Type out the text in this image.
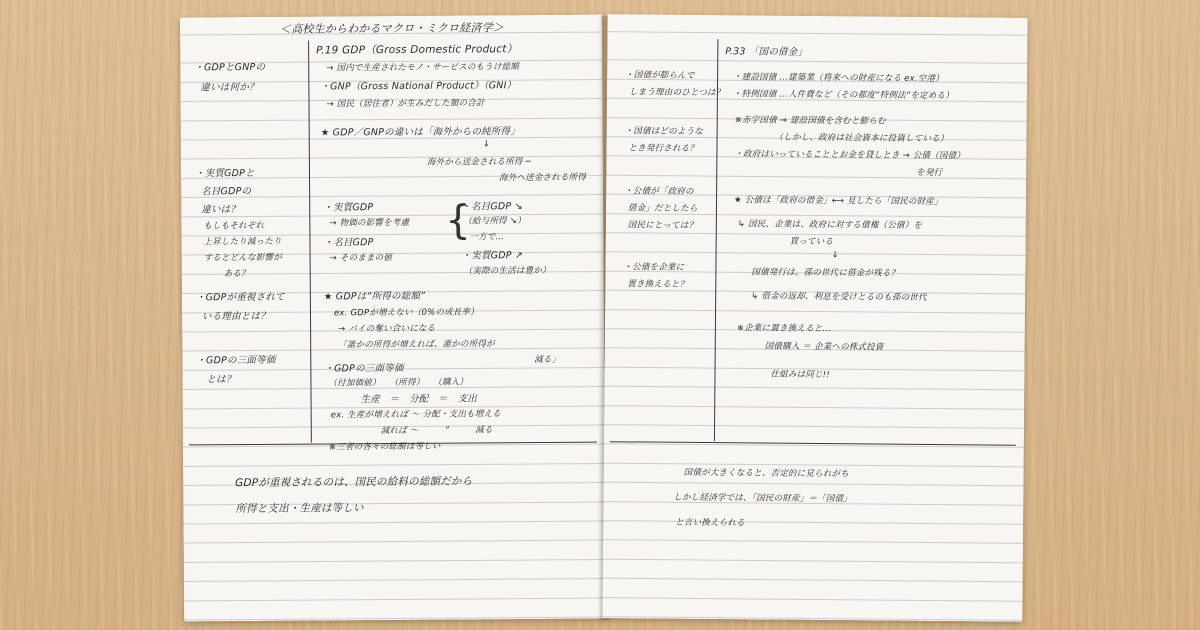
＜高校生からわかるマクロ・ミクロ経済学＞
・GDPとGNPの
違いは何か？
・実質GDPと
名目GDPの
違いは？
もしもそれぞれ
上昇したり減ったり
するとどんな影響が
ある？
・GDPが重視されて
いる理由とは？
・GDPの三面等価
とは？
P.19 GDP（Gross Domestic Product）
→ 国内で生産されたモノ・サービスのもうけ総額
・GNP（Gross National Product）（GNI）
→ 国民（居住者）が生みだした額の合計
★ GDP／GNPの違いは「海外からの純所得」
↓
海外から送金される所得 ─
海外へ送金される所得
・実質GDP
→ 物価の影響を考慮
・名目GDP
→ そのままの値
{
・名目GDP ↘
（給与所得 ↘）
一方で…
・実質GDP ↗
（実際の生活は豊か）
★ GDPは“所得の総額”
ex. GDPが増えない（0%の成長率）
→ パイの奪い合いになる
「誰かの所得が増えれば、誰かの所得が
減る」
・GDPの三面等価
（付加価値）　　（所得）　　（購入）
生産　＝　分配　＝　支出
ex. 生産が増えれば ～ 分配・支出も増える
減れば ～　　　”　　　減る
※三者の各々の総額は等しい
GDPが重視されるのは、国民の給料の総額だから
所得と支出・生産は等しい
・国債が膨らんで
しまう理由のひとつは？
・国債はどのような
とき発行される？
・公債が「政府の
借金」だとしたら
国民にとっては？
・公債を企業に
置き換えると？
P.33 「国の借金」
・建設国債 …建築業（将来への財産になる ex.空港）
・特例国債 …人件費など（その都度“特例法”を定める）
※赤字国債 → 建設国債を含むと膨らむ
（しかし、政府は社会資本に投資している）
・政府はいっていることとお金を貸しとき → 公債（国債）
を発行
★ 公債は「政府の借金」⟷ 見したら「国民の財産」
↳ 国民、企業は、政府に対する債権（公債）を
買っている
↓
国債発行は、孫の世代に借金が残る？
↳ 借金の返却、利息を受けとるのも孫の世代
※企業に置き換えると…
国債購入 ＝ 企業への株式投資
仕組みは同じ!!
国債が大きくなると、否定的に見られがち
しかし経済学では、「国民の財産」＝「国債」
と言い換えられる
